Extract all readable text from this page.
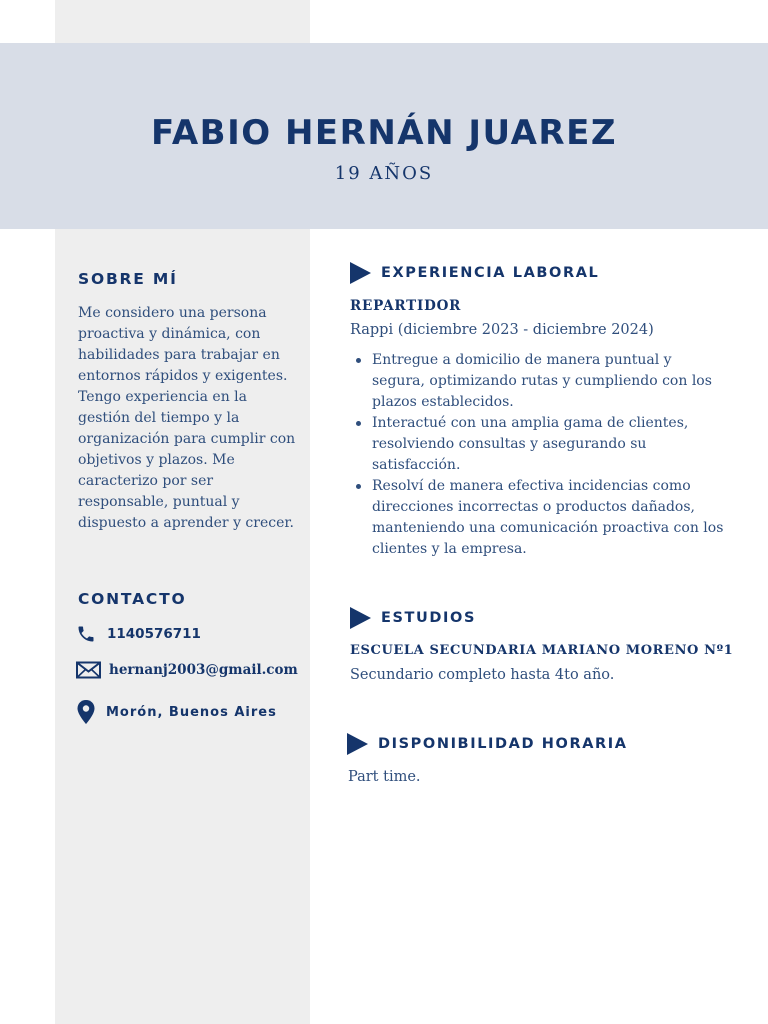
FABIO HERNÁN JUAREZ
19 AÑOS
SOBRE MÍ

Me considero una persona proactiva y dinámica, con habilidades para trabajar en entornos rápidos y exigentes. Tengo experiencia en la gestión del tiempo y la organización para cumplir con objetivos y plazos. Me caracterizo por ser responsable, puntual y dispuesto a aprender y crecer.

CONTACTO
1140576711
hernanj2003@gmail.com
Morón, Buenos Aires
EXPERIENCIA LABORAL
REPARTIDOR
Rappi (diciembre 2023 - diciembre 2024)
Entregue a domicilio de manera puntual y segura, optimizando rutas y cumpliendo con los plazos establecidos.
Interactué con una amplia gama de clientes, resolviendo consultas y asegurando su satisfacción.
Resolví de manera efectiva incidencias como direcciones incorrectas o productos dañados, manteniendo una comunicación proactiva con los clientes y la empresa.
ESTUDIOS
ESCUELA SECUNDARIA MARIANO MORENO Nº1
Secundario completo hasta 4to año.
DISPONIBILIDAD HORARIA
Part time.
